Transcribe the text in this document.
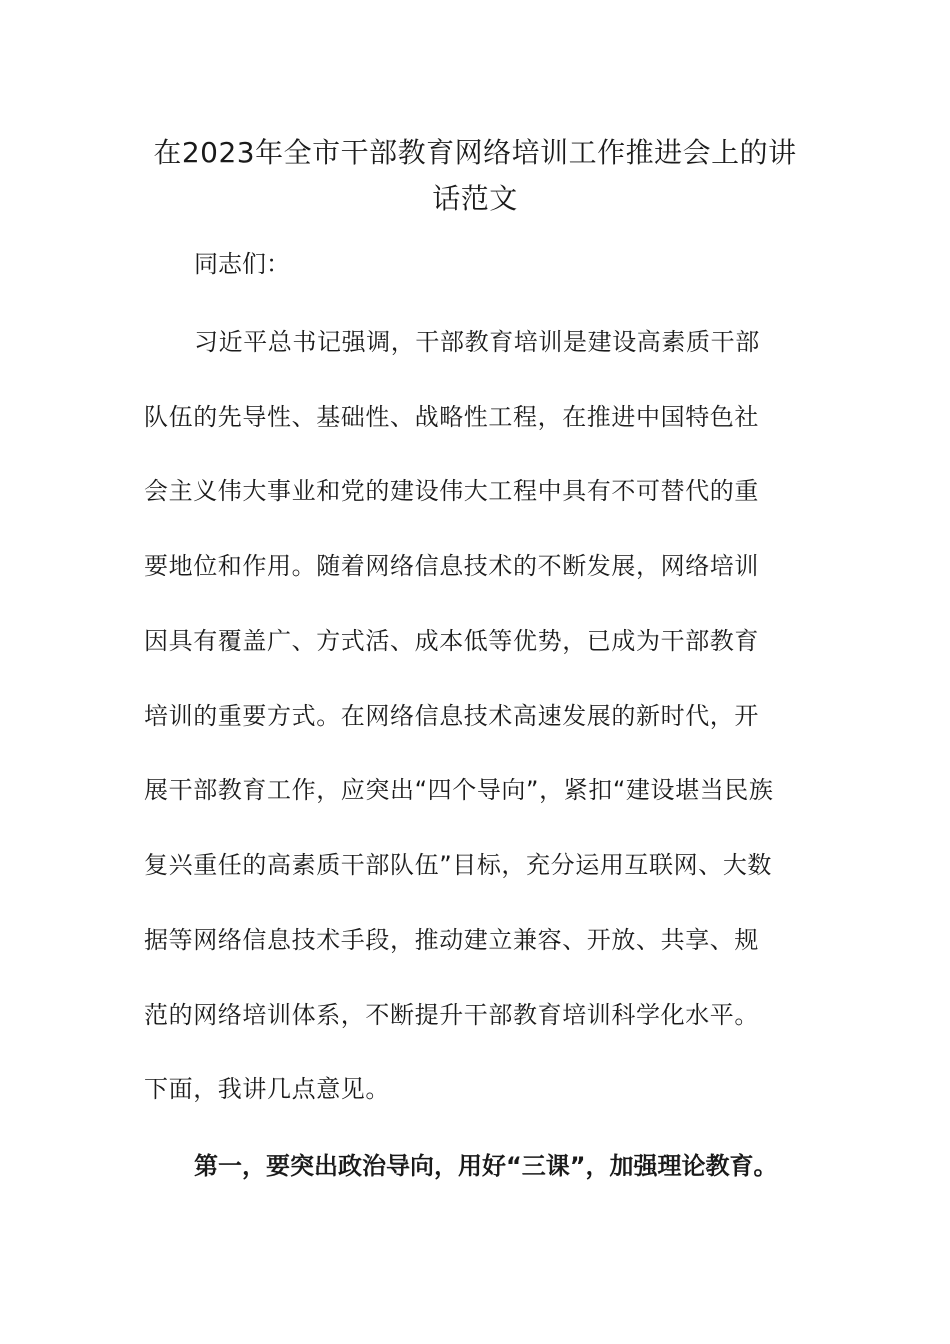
在2023年全市干部教育网络培训工作推进会上的讲
话范文
同志们：
习近平总书记强调，干部教育培训是建设高素质干部
队伍的先导性、基础性、战略性工程，在推进中国特色社
会主义伟大事业和党的建设伟大工程中具有不可替代的重
要地位和作用。随着网络信息技术的不断发展，网络培训
因具有覆盖广、方式活、成本低等优势，已成为干部教育
培训的重要方式。在网络信息技术高速发展的新时代，开
展干部教育工作，应突出“四个导向”，紧扣“建设堪当民族
复兴重任的高素质干部队伍”目标，充分运用互联网、大数
据等网络信息技术手段，推动建立兼容、开放、共享、规
范的网络培训体系，不断提升干部教育培训科学化水平。
下面，我讲几点意见。
第一，要突出政治导向，用好“三课”，加强理论教育。
